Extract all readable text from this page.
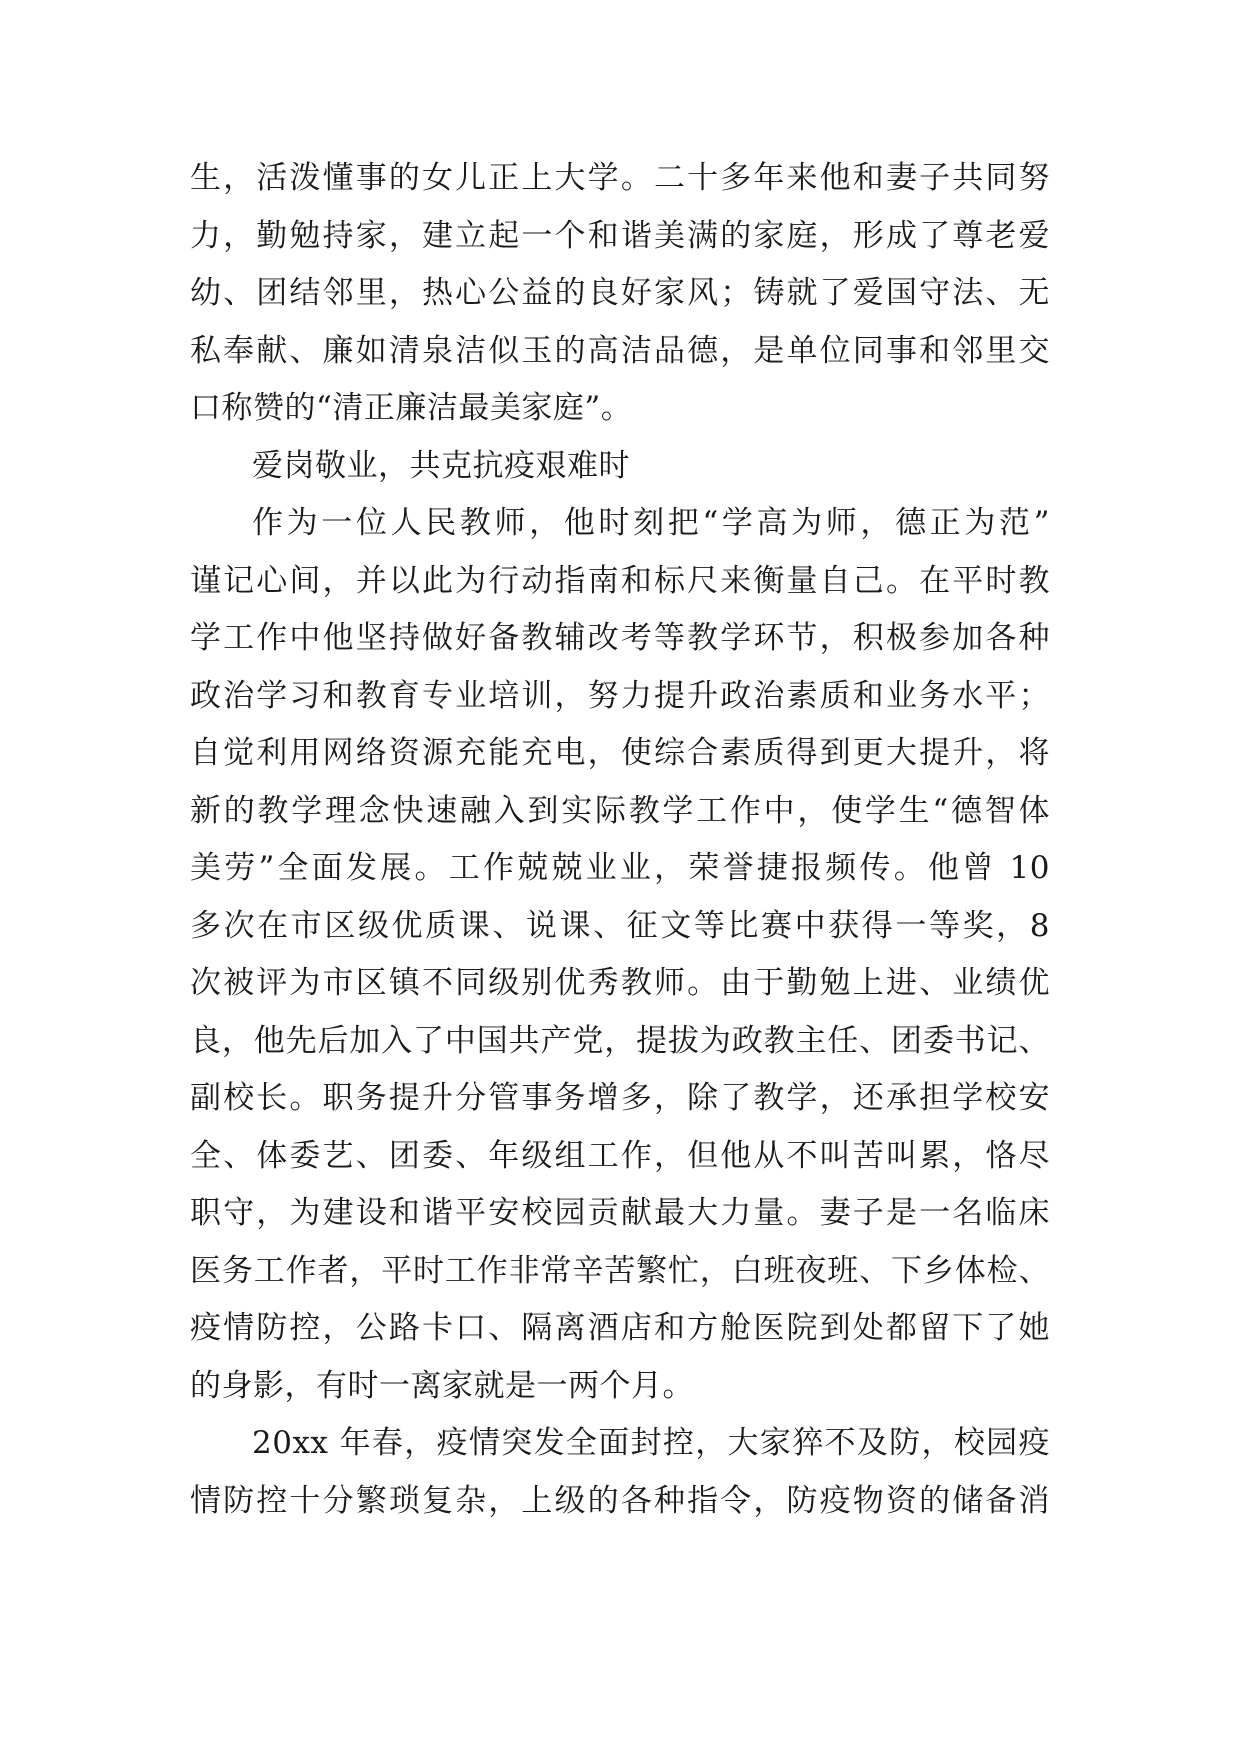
生，活泼懂事的女儿正上大学。二十多年来他和妻子共同努
力，勤勉持家，建立起一个和谐美满的家庭，形成了尊老爱
幼、团结邻里，热心公益的良好家风；铸就了爱国守法、无
私奉献、廉如清泉洁似玉的高洁品德，是单位同事和邻里交
口称赞的“清正廉洁最美家庭”。
爱岗敬业，共克抗疫艰难时
作为一位人民教师，他时刻把“学高为师，德正为范”
谨记心间，并以此为行动指南和标尺来衡量自己。在平时教
学工作中他坚持做好备教辅改考等教学环节，积极参加各种
政治学习和教育专业培训，努力提升政治素质和业务水平；
自觉利用网络资源充能充电，使综合素质得到更大提升，将
新的教学理念快速融入到实际教学工作中，使学生“德智体
美劳”全面发展。工作兢兢业业，荣誉捷报频传。他曾 10
多次在市区级优质课、说课、征文等比赛中获得一等奖，8
次被评为市区镇不同级别优秀教师。由于勤勉上进、业绩优
良，他先后加入了中国共产党，提拔为政教主任、团委书记、
副校长。职务提升分管事务增多，除了教学，还承担学校安
全、体委艺、团委、年级组工作，但他从不叫苦叫累，恪尽
职守，为建设和谐平安校园贡献最大力量。妻子是一名临床
医务工作者，平时工作非常辛苦繁忙，白班夜班、下乡体检、
疫情防控，公路卡口、隔离酒店和方舱医院到处都留下了她
的身影，有时一离家就是一两个月。
20xx 年春，疫情突发全面封控，大家猝不及防，校园疫
情防控十分繁琐复杂，上级的各种指令，防疫物资的储备消
